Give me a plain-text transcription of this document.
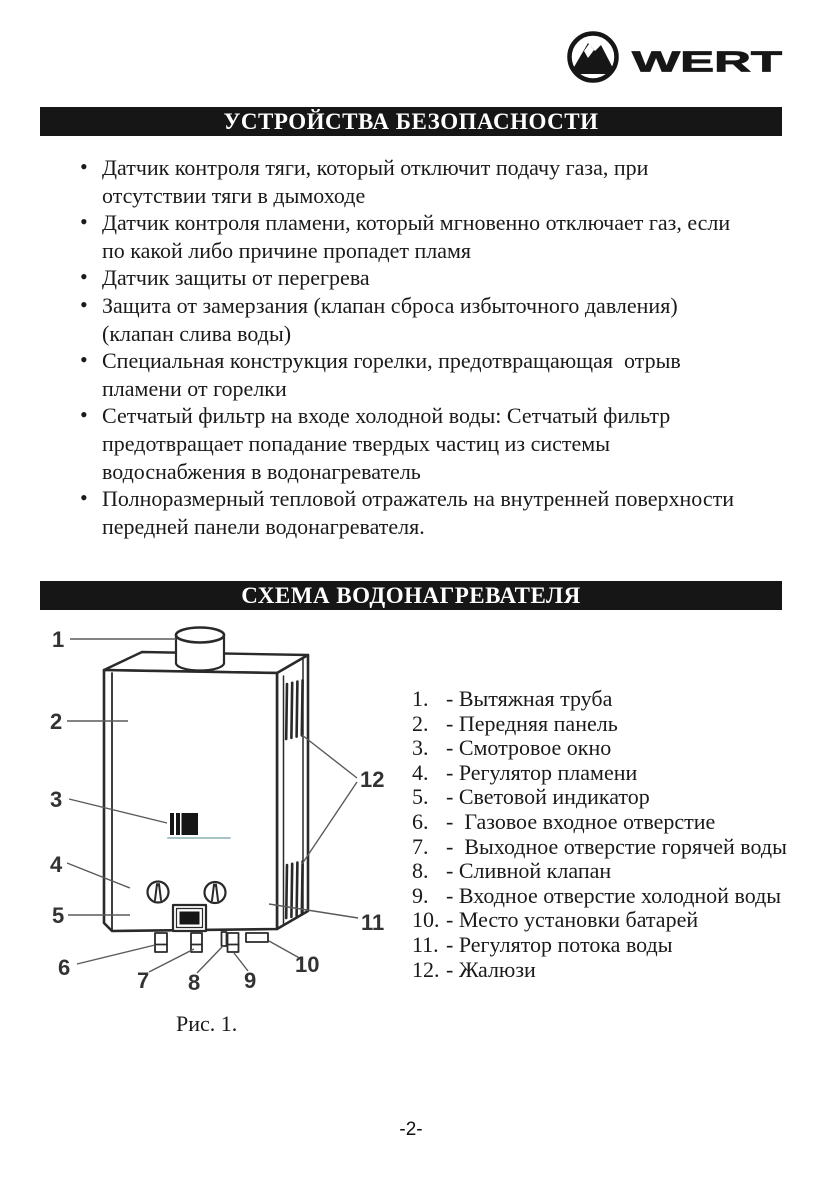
WERT
УСТРОЙСТВА БЕЗОПАСНОСТИ
• Датчик контроля тяги, который отключит подачу газа, при
отсутствии тяги в дымоходе
• Датчик контроля пламени, который мгновенно отключает газ, если
по какой либо причине пропадет пламя
• Датчик защиты от перегрева
• Защита от замерзания (клапан сброса избыточного давления)
(клапан слива воды)
• Специальная конструкция горелки, предотвращающая  отрыв
пламени от горелки
• Сетчатый фильтр на входе холодной воды: Сетчатый фильтр
предотвращает попадание твердых частиц из системы
водоснабжения в водонагреватель
• Полноразмерный тепловой отражатель на внутренней поверхности
передней панели водонагревателя.
СХЕМА ВОДОНАГРЕВАТЕЛЯ
1
2
3
4
5
6
7 8 9
10
11
12
1. - Вытяжная труба
2. - Передняя панель
3. - Смотровое окно
4. - Регулятор пламени
5. - Световой индикатор
6. -  Газовое входное отверстие
7. -  Выходное отверстие горячей воды
8. - Сливной клапан
9. - Входное отверстие холодной воды
10. - Место установки батарей
11. - Регулятор потока воды
12. - Жалюзи
Рис. 1.
-2-
